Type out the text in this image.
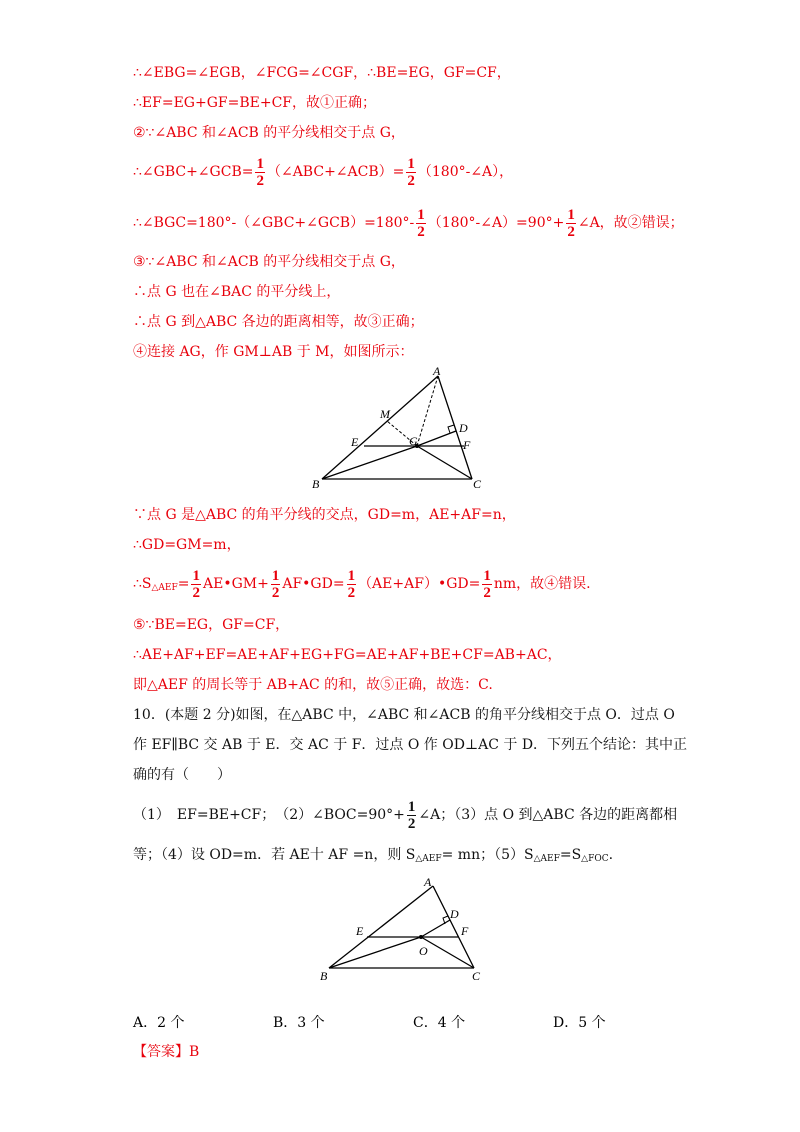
∴∠EBG=∠EGB，∠FCG=∠CGF，∴BE=EG，GF=CF，
∴EF=EG+GF=BE+CF，故①正确；
②∵∠ABC 和∠ACB 的平分线相交于点 G，
∴∠GBC+∠GCB= $\frac{1}{2}$ （∠ABC+∠ACB）= $\frac{1}{2}$ （180°-∠A），
∴∠BGC=180°-（∠GBC+∠GCB）=180°- $\frac{1}{2}$ （180°-∠A）=90°+ $\frac{1}{2}$ ∠A，故②错误；
③∵∠ABC 和∠ACB 的平分线相交于点 G，
∴点 G 也在∠BAC 的平分线上，
∴点 G 到△ABC 各边的距离相等，故③正确；
④连接 AG，作 GM⊥AB 于 M，如图所示：
A
M
D
E	G	F
B	C
∵点 G 是△ABC 的角平分线的交点，GD=m，AE+AF=n，
∴GD=GM=m，
$\therefore S_{\triangle AEF}= \frac{1}{2}$ AE•GM+ $\frac{1}{2}$ AF•GD= $\frac{1}{2}$ （AE+AF）•GD= $\frac{1}{2}$ nm，故④错误.
⑤∵BE=EG，GF=CF，
∴AE+AF+EF=AE+AF+EG+FG=AE+AF+BE+CF=AB+AC，
即△AEF 的周长等于 AB+AC 的和，故⑤正确，故选：C.
10．(本题 2 分)如图，在△ABC 中，∠ABC 和∠ACB 的角平分线相交于点 O．过点 O
作 EF∥BC 交 AB 于 E．交 AC 于 F．过点 O 作 OD⊥AC 于 D．下列五个结论：其中正
确的有（　　）
（1）　EF=BE+CF；　（2）∠BOC=90°+ $\frac{1}{2}$ ∠A；（3）点 O 到△ABC 各边的距离都相
等；（4）设 OD=m．若 AE十 AF =n，则 $S_{\triangle AEF}=$ mn；$(5)S_{\triangle AEF}=S_{\triangle FOC}$.
A
D
E	F
O
B	C
A．2 个	B．3 个	C．4 个	D．5 个
【答案】B
